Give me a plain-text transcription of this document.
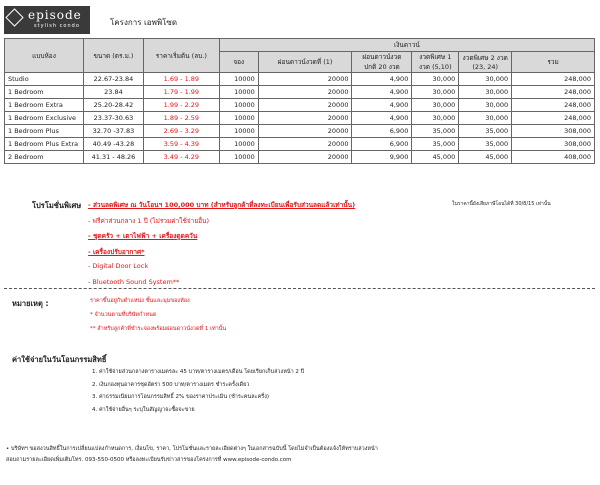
episode
stylish condo	โครงการ เอพพิโซด
แบบห้อง	ขนาด (ตร.ม.)	ราคาเริ่มต้น (ลบ.)	เงินดาวน์					
			จอง	ผ่อนดาวน์งวดที่ (1)	ผ่อนดาวน์งวด ปกติ 20 งวด	งวดพิเศษ 1 งวด (5,10)	งวดพิเศษ 2 งวด (23, 24)	รวม

Studio	22.67-23.84	1.69 - 1.89	10000	20000	4,900	30,000	30,000	248,000
1 Bedroom	23.84	1.79 - 1.99	10000	20000	4,900	30,000	30,000	248,000
1 Bedroom Extra	25.20-28.42	1.99 - 2.29	10000	20000	4,900	30,000	30,000	248,000
1 Bedroom Exclusive	23.37-30.63	1.89 - 2.59	10000	20000	4,900	30,000	30,000	248,000
1 Bedroom Plus	32.70 -37.83	2.69 - 3.29	10000	20000	6,900	35,000	35,000	308,000
1 Bedroom Plus Extra	40.49 -43.28	3.59 - 4.39	10000	20000	6,900	35,000	35,000	308,000
2 Bedroom	41.31 - 48.26	3.49 - 4.29	10000	20000	9,900	45,000	45,000	408,000
โปรโมชั่นพิเศษ - ส่วนลดพิเศษ ณ วันโอนฯ 100,000 บาท (สำหรับลูกค้าที่ลงทะเบียนเพื่อรับส่วนลดแล้วเท่านั้น)
- ฟรีค่าส่วนกลาง 1 ปี (ไม่รวมค่าใช้จ่ายอื่น)
- ชุดครัว + เตาไฟฟ้า + เครื่องดูดควัน
- เครื่องปรับอากาศ*
- Digital Door Lock
- Bluetooth Sound System**
ในราคานี้ยังเสียภาษีโอนได้ที่ 30/8/15 เท่านั้น
หมายเหตุ :	ราคาขึ้นอยู่กับตำแหน่ง ชั้นและมุมของห้อง
* จำนวนตามที่บริษัทกำหนด
** สำหรับลูกค้าที่ชำระจองพร้อมผ่อนดาวน์งวดที่ 1 เท่านั้น
ค่าใช้จ่ายในวันโอนกรรมสิทธิ์
1. ค่าใช้จ่ายส่วนกลางตารางเมตรละ 45 บาท/ตารางเมตร/เดือน โดยเรียกเก็บล่วงหน้า 2 ปี
2. เงินกองทุนอาคารชุดอัตรา 500 บาท/ตารางเมตร ชำระครั้งเดียว
3. ค่าธรรมเนียมการโอนกรรมสิทธิ์ 2% ของราคาประเมิน (ชำระคนละครึ่ง)
4. ค่าใช้จ่ายอื่นๆ ระบุในสัญญาจะซื้อจะขาย
• บริษัทฯ ขอสงวนสิทธิ์ในการเปลี่ยนแปลงกำหนดการ, เงื่อนไข, ราคา, โปรโมชั่นและรายละเอียดต่างๆ ในเอกสารฉบับนี้ โดยไม่จำเป็นต้องแจ้งให้ทราบล่วงหน้า
สอบถามรายละเอียดเพิ่มเติมโทร. 093-550-0500 หรือลงทะเบียนรับข่าวสารของโครงการที่ www.episode-condo.com
